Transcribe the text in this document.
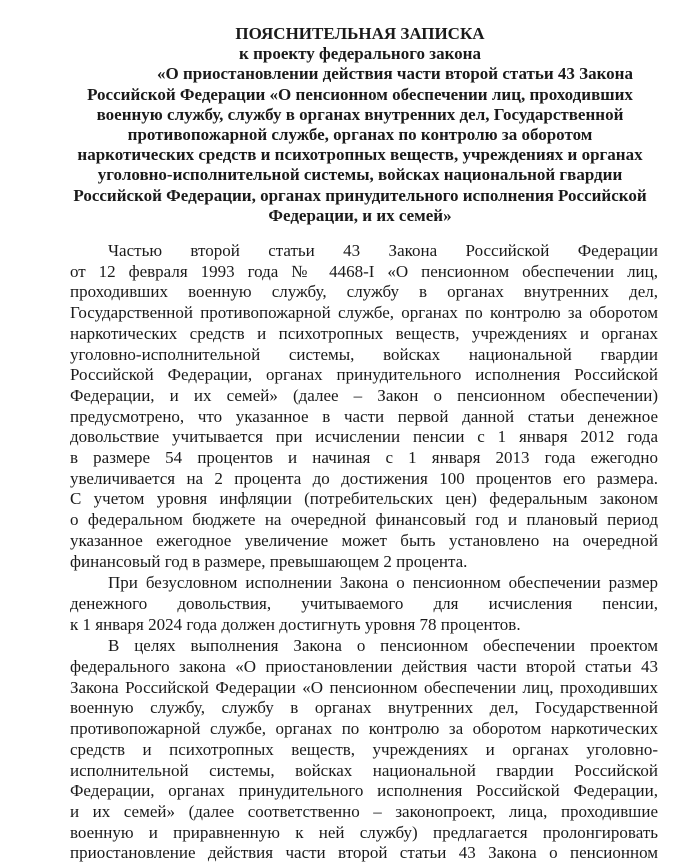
ПОЯСНИТЕЛЬНАЯ ЗАПИСКА
к проекту федерального закона
«О приостановлении действия части второй статьи 43 Закона
Российской Федерации «О пенсионном обеспечении лиц, проходивших
военную службу, службу в органах внутренних дел, Государственной
противопожарной службе, органах по контролю за оборотом
наркотических средств и психотропных веществ, учреждениях и органах
уголовно-исполнительной системы, войсках национальной гвардии
Российской Федерации, органах принудительного исполнения Российской
Федерации, и их семей»
Частью второй статьи 43 Закона Российской Федерации
от 12 февраля 1993 года № 4468-I «О пенсионном обеспечении лиц,
проходивших военную службу, службу в органах внутренних дел,
Государственной противопожарной службе, органах по контролю за оборотом
наркотических средств и психотропных веществ, учреждениях и органах
уголовно-исполнительной системы, войсках национальной гвардии
Российской Федерации, органах принудительного исполнения Российской
Федерации, и их семей» (далее – Закон о пенсионном обеспечении)
предусмотрено, что указанное в части первой данной статьи денежное
довольствие учитывается при исчислении пенсии с 1 января 2012 года
в размере 54 процентов и начиная с 1 января 2013 года ежегодно
увеличивается на 2 процента до достижения 100 процентов его размера.
С учетом уровня инфляции (потребительских цен) федеральным законом
о федеральном бюджете на очередной финансовый год и плановый период
указанное ежегодное увеличение может быть установлено на очередной
финансовый год в размере, превышающем 2 процента.
При безусловном исполнении Закона о пенсионном обеспечении размер
денежного довольствия, учитываемого для исчисления пенсии,
к 1 января 2024 года должен достигнуть уровня 78 процентов.
В целях выполнения Закона о пенсионном обеспечении проектом
федерального закона «О приостановлении действия части второй статьи 43
Закона Российской Федерации «О пенсионном обеспечении лиц, проходивших
военную службу, службу в органах внутренних дел, Государственной
противопожарной службе, органах по контролю за оборотом наркотических
средств и психотропных веществ, учреждениях и органах уголовно-
исполнительной системы, войсках национальной гвардии Российской
Федерации, органах принудительного исполнения Российской Федерации,
и их семей» (далее соответственно – законопроект, лица, проходившие
военную и приравненную к ней службу) предлагается пролонгировать
приостановление действия части второй статьи 43 Закона о пенсионном
